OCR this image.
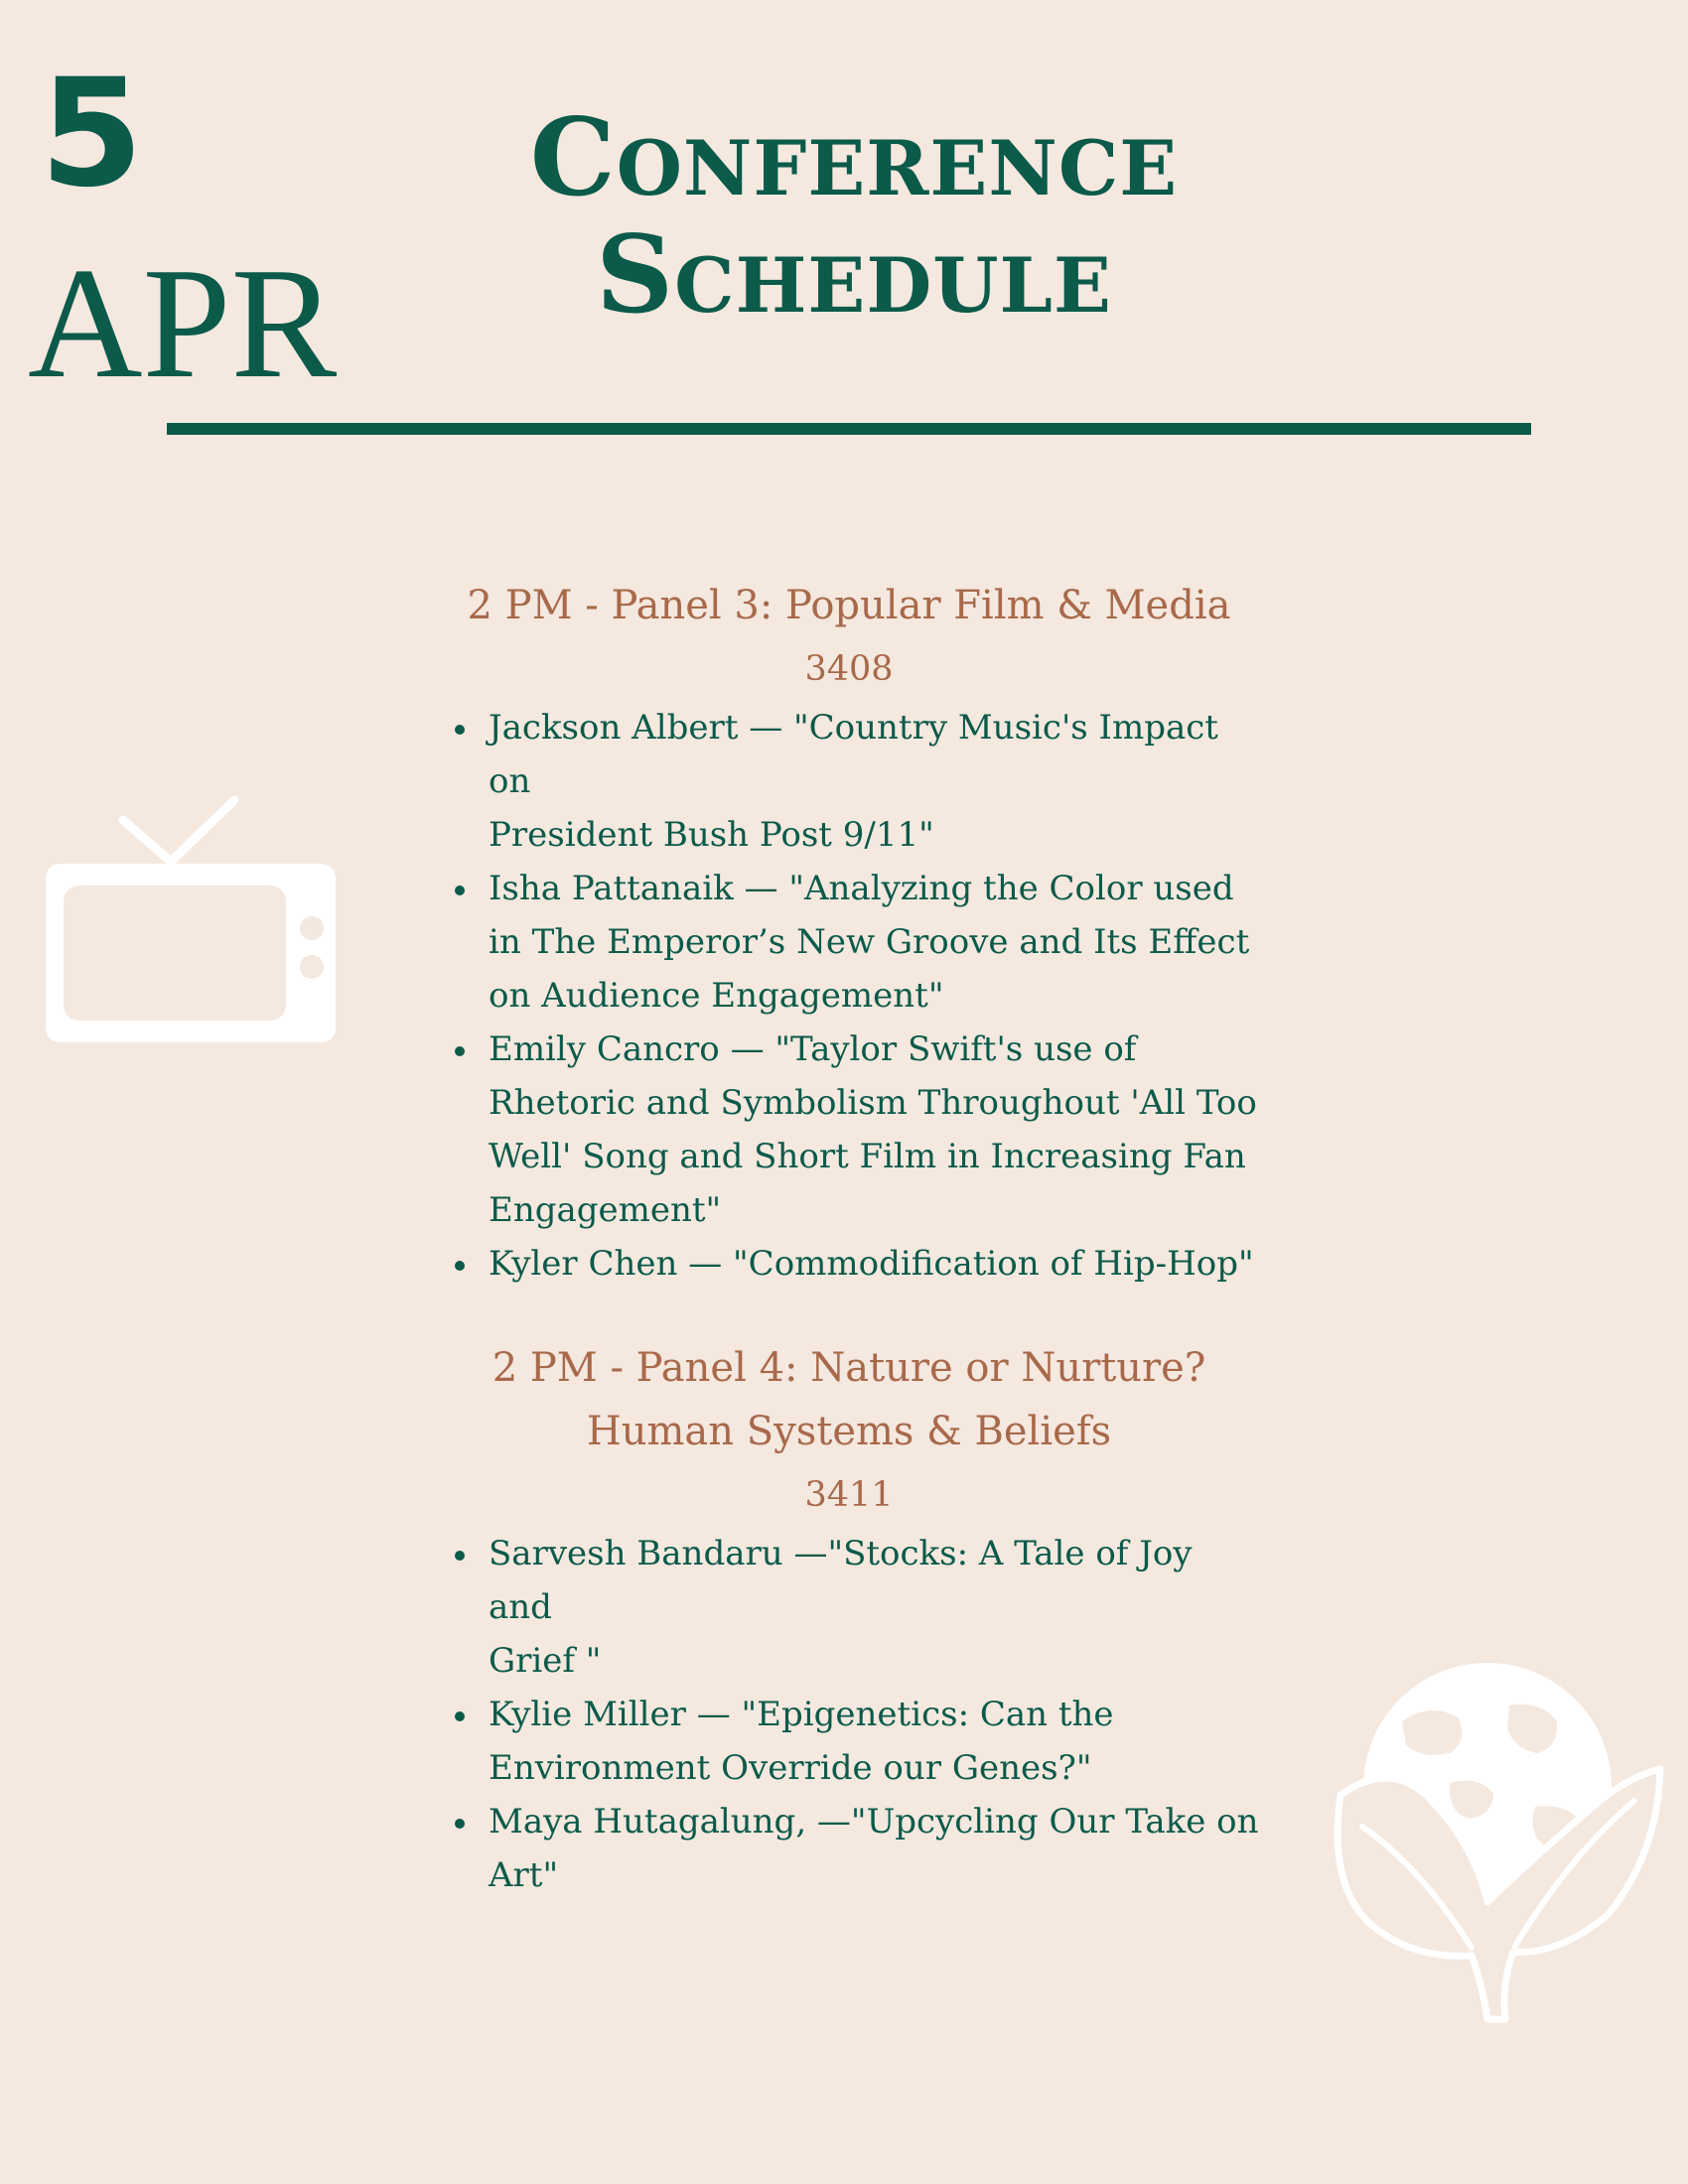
5
APR
Conference
Schedule
2 PM - Panel 3: Popular Film & Media
3408
Jackson Albert — "Country Music's Impact on
President Bush Post 9/11"
Isha Pattanaik — "Analyzing the Color used
in The Emperor’s New Groove and Its Effect
on Audience Engagement"
Emily Cancro — "Taylor Swift's use of
Rhetoric and Symbolism Throughout 'All Too
Well' Song and Short Film in Increasing Fan
Engagement"
Kyler Chen — "Commodification of Hip-Hop"
2 PM - Panel 4: Nature or Nurture?
Human Systems & Beliefs
3411
Sarvesh Bandaru —"Stocks: A Tale of Joy and
Grief "
Kylie Miller — "Epigenetics: Can the
Environment Override our Genes?"
Maya Hutagalung, —"Upcycling Our Take on
Art"
